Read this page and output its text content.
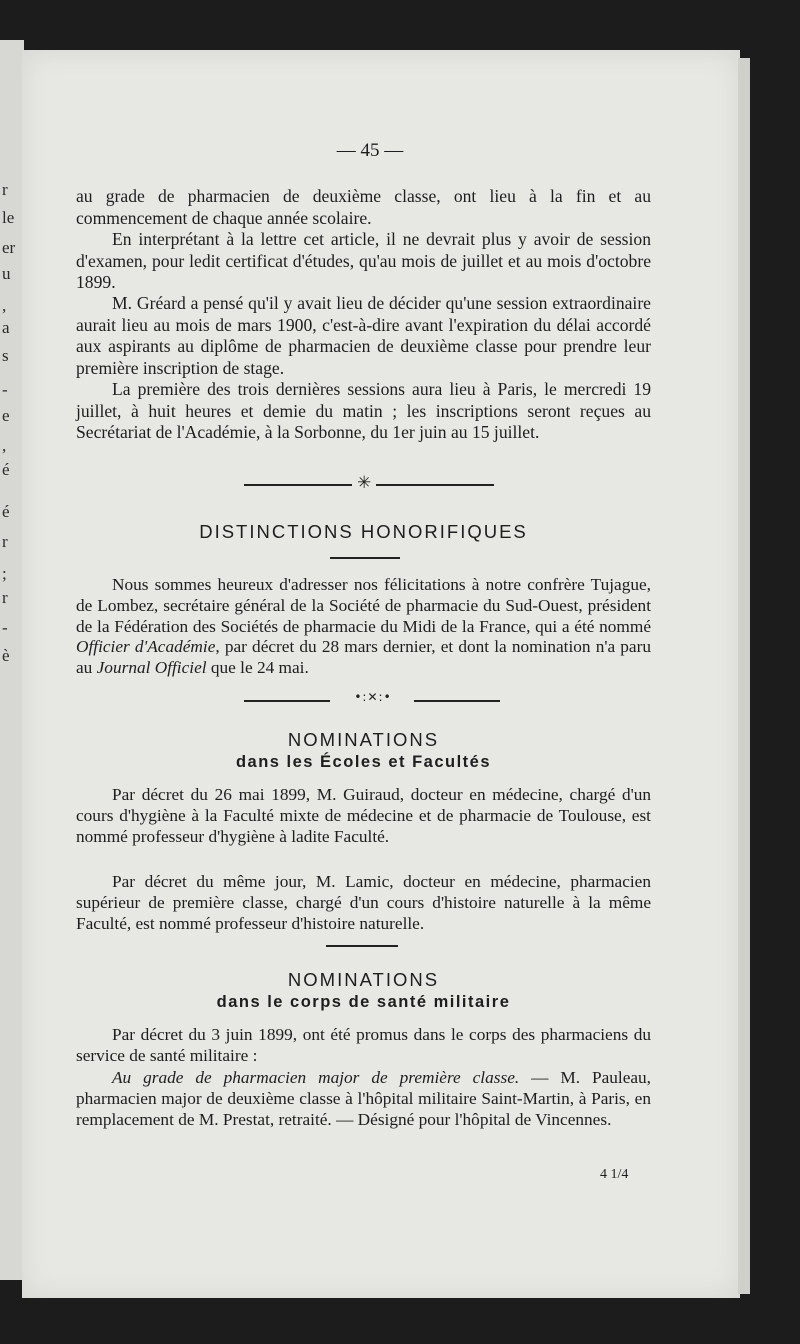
r
le
er
u
,
a
s
-
e
,
é
é
r
;
r
-
è

— 45 —

au grade de pharmacien de deuxième classe, ont lieu à la fin et au commencement de chaque année scolaire.

En interprétant à la lettre cet article, il ne devrait plus y avoir de session d'examen, pour ledit certificat d'études, qu'au mois de juillet et au mois d'octobre 1899.

M. Gréard a pensé qu'il y avait lieu de décider qu'une session extraordinaire aurait lieu au mois de mars 1900, c'est-à-dire avant l'expiration du délai accordé aux aspirants au diplôme de pharmacien de deuxième classe pour prendre leur première inscription de stage.

La première des trois dernières sessions aura lieu à Paris, le mercredi 19 juillet, à huit heures et demie du matin ; les inscriptions seront reçues au Secrétariat de l'Académie, à la Sorbonne, du 1er juin au 15 juillet.

✳

DISTINCTIONS HONORIFIQUES

Nous sommes heureux d'adresser nos félicitations à notre confrère Tujague, de Lombez, secrétaire général de la Société de pharmacie du Sud-Ouest, président de la Fédération des Sociétés de pharmacie du Midi de la France, qui a été nommé Officier d'Académie, par décret du 28 mars dernier, et dont la nomination n'a paru au Journal Officiel que le 24 mai.

•:✕:•

NOMINATIONS

dans les Écoles et Facultés

Par décret du 26 mai 1899, M. Guiraud, docteur en médecine, chargé d'un cours d'hygiène à la Faculté mixte de médecine et de pharmacie de Toulouse, est nommé professeur d'hygiène à ladite Faculté.

Par décret du même jour, M. Lamic, docteur en médecine, pharmacien supérieur de première classe, chargé d'un cours d'histoire naturelle à la même Faculté, est nommé professeur d'histoire naturelle.

NOMINATIONS

dans le corps de santé militaire

Par décret du 3 juin 1899, ont été promus dans le corps des pharmaciens du service de santé militaire :

Au grade de pharmacien major de première classe. — M. Pauleau, pharmacien major de deuxième classe à l'hôpital militaire Saint-Martin, à Paris, en remplacement de M. Prestat, retraité. — Désigné pour l'hôpital de Vincennes.

4 1/4
